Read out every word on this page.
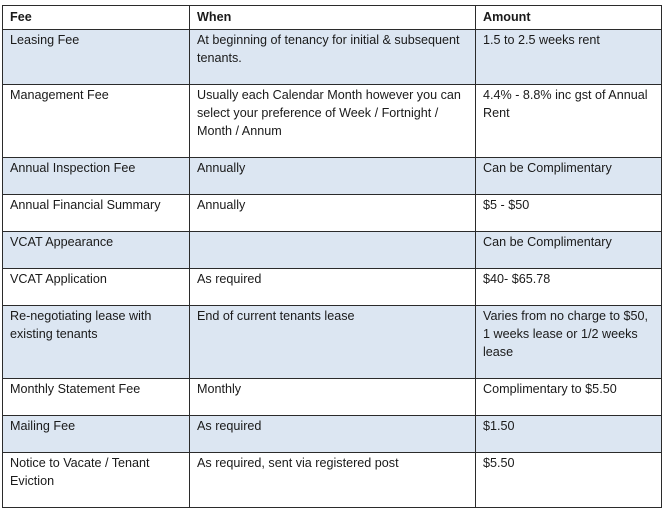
Fee	When	Amount
Leasing Fee	At beginning of tenancy for initial & subsequent tenants.	1.5 to 2.5 weeks rent
Management Fee	Usually each Calendar Month however you can select your preference of Week / Fortnight / Month / Annum	4.4% - 8.8% inc gst of Annual Rent
Annual Inspection Fee	Annually	Can be Complimentary
Annual Financial Summary	Annually	$5 - $50
VCAT Appearance		Can be Complimentary
VCAT Application	As required	$40- $65.78
Re-negotiating lease with existing tenants	End of current tenants lease	Varies from no charge to $50, 1 weeks lease or 1/2 weeks lease
Monthly Statement Fee	Monthly	Complimentary to $5.50
Mailing Fee	As required	$1.50
Notice to Vacate / Tenant Eviction	As required, sent via registered post	$5.50
